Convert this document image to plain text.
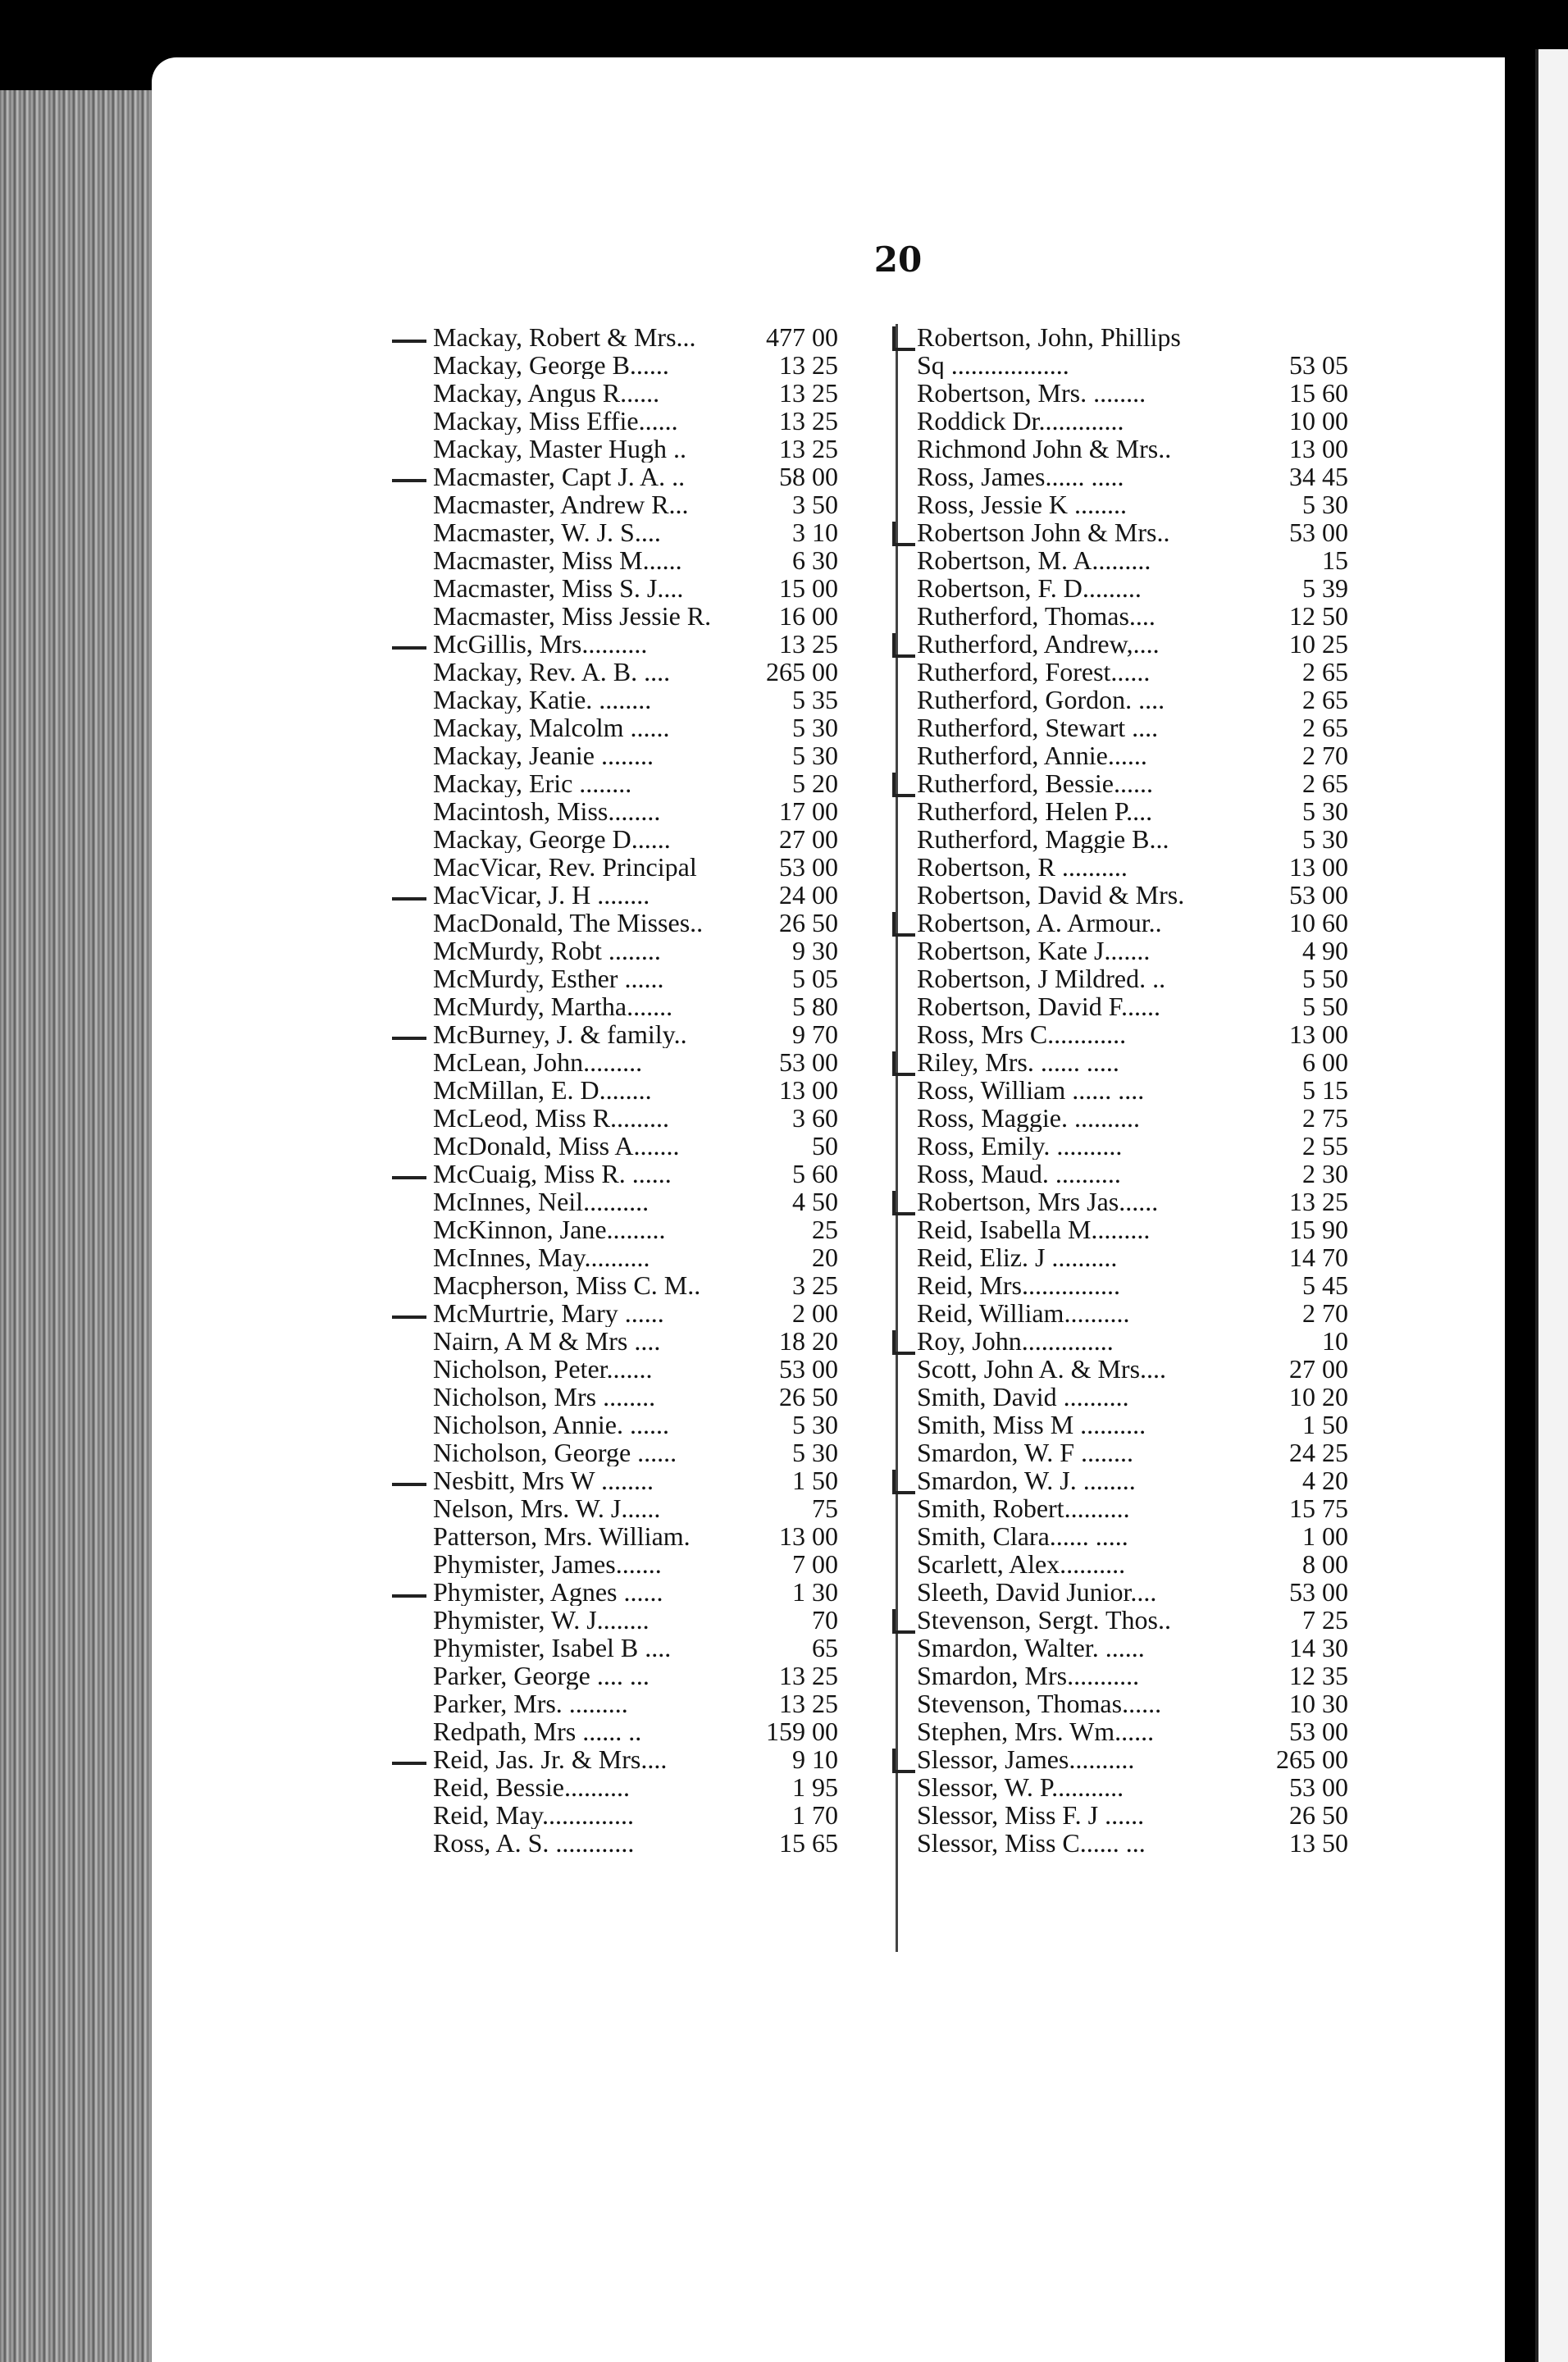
20
Mackay, Robert & Mrs...	477 00
Mackay, George B......	13 25
Mackay, Angus R......	13 25
Mackay, Miss Effie......	13 25
Mackay, Master Hugh ..	13 25
Macmaster, Capt J. A. ..	58 00
Macmaster, Andrew R...	3 50
Macmaster, W. J. S....	3 10
Macmaster, Miss M......	6 30
Macmaster, Miss S. J....	15 00
Macmaster, Miss Jessie R.	16 00
McGillis, Mrs..........	13 25
Mackay, Rev. A. B. ....	265 00
Mackay, Katie. ........	5 35
Mackay, Malcolm ......	5 30
Mackay, Jeanie ........	5 30
Mackay, Eric ........	5 20
Macintosh, Miss........	17 00
Mackay, George D......	27 00
MacVicar, Rev. Principal	53 00
MacVicar, J. H ........	24 00
MacDonald, The Misses..	26 50
McMurdy, Robt ........	9 30
McMurdy, Esther ......	5 05
McMurdy, Martha.......	5 80
McBurney, J. & family..	9 70
McLean, John.........	53 00
McMillan, E. D........	13 00
McLeod, Miss R.........	3 60
McDonald, Miss A.......	50
McCuaig, Miss R. ......	5 60
McInnes, Neil..........	4 50
McKinnon, Jane.........	25
McInnes, May..........	20
Macpherson, Miss C. M..	3 25
McMurtrie, Mary ......	2 00
Nairn, A M & Mrs ....	18 20
Nicholson, Peter.......	53 00
Nicholson, Mrs ........	26 50
Nicholson, Annie. ......	5 30
Nicholson, George ......	5 30
Nesbitt, Mrs W ........	1 50
Nelson, Mrs. W. J......	75
Patterson, Mrs. William.	13 00
Phymister, James.......	7 00
Phymister, Agnes ......	1 30
Phymister, W. J........	70
Phymister, Isabel B ....	65
Parker, George .... ...	13 25
Parker, Mrs. .........	13 25
Redpath, Mrs ...... ..	159 00
Reid, Jas. Jr. & Mrs....	9 10
Reid, Bessie..........	1 95
Reid, May..............	1 70
Ross, A. S. ............	15 65
Robertson, John, Phillips
Sq ..................	53 05
Robertson, Mrs. ........	15 60
Roddick Dr.............	10 00
Richmond John & Mrs..	13 00
Ross, James...... .....	34 45
Ross, Jessie K ........	5 30
Robertson John & Mrs..	53 00
Robertson, M. A.........	15
Robertson, F. D.........	5 39
Rutherford, Thomas....	12 50
Rutherford, Andrew,....	10 25
Rutherford, Forest......	2 65
Rutherford, Gordon. ....	2 65
Rutherford, Stewart ....	2 65
Rutherford, Annie......	2 70
Rutherford, Bessie......	2 65
Rutherford, Helen P....	5 30
Rutherford, Maggie B...	5 30
Robertson, R ..........	13 00
Robertson, David & Mrs.	53 00
Robertson, A. Armour..	10 60
Robertson, Kate J.......	4 90
Robertson, J Mildred. ..	5 50
Robertson, David F......	5 50
Ross, Mrs C............	13 00
Riley, Mrs. ...... .....	6 00
Ross, William ...... ....	5 15
Ross, Maggie. ..........	2 75
Ross, Emily. ..........	2 55
Ross, Maud. ..........	2 30
Robertson, Mrs Jas......	13 25
Reid, Isabella M.........	15 90
Reid, Eliz. J ..........	14 70
Reid, Mrs...............	5 45
Reid, William..........	2 70
Roy, John..............	10
Scott, John A. & Mrs....	27 00
Smith, David ..........	10 20
Smith, Miss M ..........	1 50
Smardon, W. F ........	24 25
Smardon, W. J. ........	4 20
Smith, Robert..........	15 75
Smith, Clara...... .....	1 00
Scarlett, Alex..........	8 00
Sleeth, David Junior....	53 00
Stevenson, Sergt. Thos..	7 25
Smardon, Walter. ......	14 30
Smardon, Mrs...........	12 35
Stevenson, Thomas......	10 30
Stephen, Mrs. Wm......	53 00
Slessor, James..........	265 00
Slessor, W. P...........	53 00
Slessor, Miss F. J ......	26 50
Slessor, Miss C...... ...	13 50
